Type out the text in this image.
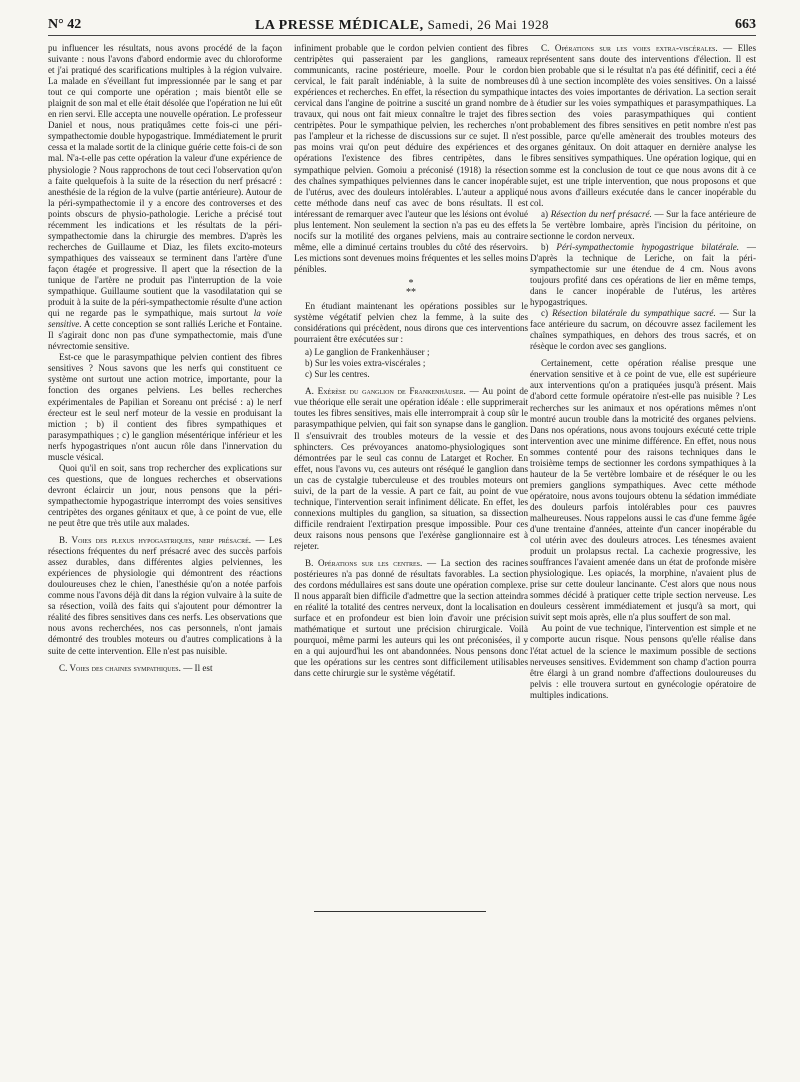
N° 42	LA PRESSE MÉDICALE, Samedi, 26 Mai 1928	663

pu influencer les résultats, nous avons procédé de la façon suivante : nous l'avons d'abord endormie avec du chloroforme et j'ai pratiqué des scarifications multiples à la région vulvaire. La malade en s'éveillant fut impressionnée par le sang et par tout ce qui comporte une opération ; mais bientôt elle se plaignit de son mal et elle était désolée que l'opération ne lui eût en rien servi. Elle accepta une nouvelle opération. Le professeur Daniel et nous, nous pratiquâmes cette fois-ci une péri-sympathectomie double hypogastrique. Immédiatement le prurit cessa et la malade sortit de la clinique guérie cette fois-ci de son mal. N'a-t-elle pas cette opération la valeur d'une expérience de physiologie ? Nous rapprochons de tout ceci l'observation qu'on a faite quelquefois à la suite de la résection du nerf présacré : anesthésie de la région de la vulve (partie antérieure). Autour de la péri-sympathectomie il y a encore des controverses et des points obscurs de physio-pathologie. Leriche a précisé tout récemment les indications et les résultats de la péri-sympathectomie dans la chirurgie des membres. D'après les recherches de Guillaume et Diaz, les filets excito-moteurs sympathiques des vaisseaux se terminent dans l'artère d'une façon étagée et progressive. Il apert que la résection de la tunique de l'artère ne produit pas l'interruption de la voie sympathique. Guillaume soutient que la vasodilatation qui se produit à la suite de la péri-sympathectomie résulte d'une action qui ne regarde pas le sympathique, mais surtout la voie sensitive. A cette conception se sont ralliés Leriche et Fontaine. Il s'agirait donc non pas d'une sympathectomie, mais d'une névrectomie sensitive.

Est-ce que le parasympathique pelvien contient des fibres sensitives ? Nous savons que les nerfs qui constituent ce système ont surtout une action motrice, importante, pour la fonction des organes pelviens. Les belles recherches expérimentales de Papilian et Soreanu ont précisé : a) le nerf érecteur est le seul nerf moteur de la vessie en produisant la miction ; b) il contient des fibres sympathiques et parasympathiques ; c) le ganglion mésentérique inférieur et les nerfs hypogastriques n'ont aucun rôle dans l'innervation du muscle vésical.

Quoi qu'il en soit, sans trop rechercher des explications sur ces questions, que de longues recherches et observations devront éclaircir un jour, nous pensons que la péri-sympathectomie hypogastrique interrompt des voies sensitives centripètes des organes génitaux et que, à ce point de vue, elle ne peut être que très utile aux malades.

B. Voies des plexus hypogastriques, nerf présacré. — Les résections fréquentes du nerf présacré avec des succès parfois assez durables, dans différentes algies pelviennes, les expériences de physiologie qui démontrent des réactions douloureuses chez le chien, l'anesthésie qu'on a notée parfois comme nous l'avons déjà dit dans la région vulvaire à la suite de sa résection, voilà des faits qui s'ajoutent pour démontrer la réalité des fibres sensitives dans ces nerfs. Les observations que nous avons recherchées, nos cas personnels, n'ont jamais démontré des troubles moteurs ou d'autres complications à la suite de cette intervention. Elle n'est pas nuisible.

C. Voies des chaines sympathiques. — Il est

infiniment probable que le cordon pelvien contient des fibres centripètes qui passeraient par les ganglions, rameaux communicants, racine postérieure, moelle. Pour le cordon cervical, le fait paraît indéniable, à la suite de nombreuses expériences et recherches. En effet, la résection du sympathique cervical dans l'angine de poitrine a suscité un grand nombre de travaux, qui nous ont fait mieux connaître le trajet des fibres centripètes. Pour le sympathique pelvien, les recherches n'ont pas l'ampleur et la richesse de discussions sur ce sujet. Il n'est pas moins vrai qu'on peut déduire des expériences et des opérations l'existence des fibres centripètes, dans le sympathique pelvien. Gomoiu a préconisé (1918) la résection des chaînes sympathiques pelviennes dans le cancer inopérable de l'utérus, avec des douleurs intolérables. L'auteur a appliqué cette méthode dans neuf cas avec de bons résultats. Il est intéressant de remarquer avec l'auteur que les lésions ont évolué plus lentement. Non seulement la section n'a pas eu des effets nocifs sur la motilité des organes pelviens, mais au contraire même, elle a diminué certains troubles du côté des réservoirs. Les mictions sont devenues moins fréquentes et les selles moins pénibles.

*
**

En étudiant maintenant les opérations possibles sur le système végétatif pelvien chez la femme, à la suite des considérations qui précèdent, nous dirons que ces interventions pourraient être exécutées sur :

a) Le ganglion de Frankenhäuser ;
b) Sur les voies extra-viscérales ;
c) Sur les centres.

A. Exérèse du ganglion de Frankenhäuser. — Au point de vue théorique elle serait une opération idéale : elle supprimerait toutes les fibres sensitives, mais elle interromprait à coup sûr le parasympathique pelvien, qui fait son synapse dans le ganglion. Il s'ensuivrait des troubles moteurs de la vessie et des sphincters. Ces prévoyances anatomo-physiologiques sont démontrées par le seul cas connu de Latarget et Rocher. En effet, nous l'avons vu, ces auteurs ont réséqué le ganglion dans un cas de cystalgie tuberculeuse et des troubles moteurs ont suivi, de la part de la vessie. A part ce fait, au point de vue technique, l'intervention serait infiniment délicate. En effet, les connexions multiples du ganglion, sa situation, sa dissection difficile rendraient l'extirpation presque impossible. Pour ces deux raisons nous pensons que l'exérèse ganglionnaire est à rejeter.

B. Opérations sur les centres. — La section des racines postérieures n'a pas donné de résultats favorables. La section des cordons médullaires est sans doute une opération complexe. Il nous apparaît bien difficile d'admettre que la section atteindra en réalité la totalité des centres nerveux, dont la localisation en surface et en profondeur est bien loin d'avoir une précision mathématique et surtout une précision chirurgicale. Voilà pourquoi, même parmi les auteurs qui les ont préconisées, il y en a qui aujourd'hui les ont abandonnées. Nous pensons donc que les opérations sur les centres sont difficilement utilisables dans cette chirurgie sur le système végétatif.

C. Opérations sur les voies extra-viscérales. — Elles représentent sans doute des interventions d'élection. Il est bien probable que si le résultat n'a pas été définitif, ceci a été dû à une section incomplète des voies sensitives. On a laissé intactes des voies importantes de dérivation. La section serait à étudier sur les voies sympathiques et parasympathiques. La section des voies parasympathiques qui contient probablement des fibres sensitives en petit nombre n'est pas possible, parce qu'elle amènerait des troubles moteurs des organes génitaux. On doit attaquer en dernière analyse les fibres sensitives sympathiques. Une opération logique, qui en somme est la conclusion de tout ce que nous avons dit à ce sujet, est une triple intervention, que nous proposons et que nous avons d'ailleurs exécutée dans le cancer inopérable du col.

a) Résection du nerf présacré. — Sur la face antérieure de la 5e vertèbre lombaire, après l'incision du péritoine, on sectionne le cordon nerveux.

b) Péri-sympathectomie hypogastrique bilatérale. — D'après la technique de Leriche, on fait la péri-sympathectomie sur une étendue de 4 cm. Nous avons toujours profité dans ces opérations de lier en même temps, dans le cancer inopérable de l'utérus, les artères hypogastriques.

c) Résection bilatérale du sympathique sacré. — Sur la face antérieure du sacrum, on découvre assez facilement les chaînes sympathiques, en dehors des trous sacrés, et on résèque le cordon avec ses ganglions.

Certainement, cette opération réalise presque une énervation sensitive et à ce point de vue, elle est supérieure aux interventions qu'on a pratiquées jusqu'à présent. Mais d'abord cette formule opératoire n'est-elle pas nuisible ? Les recherches sur les animaux et nos opérations mêmes n'ont montré aucun trouble dans la motricité des organes pelviens. Dans nos opérations, nous avons toujours exécuté cette triple intervention avec une minime différence. En effet, nous nous sommes contenté pour des raisons techniques dans le troisième temps de sectionner les cordons sympathiques à la hauteur de la 5e vertèbre lombaire et de réséquer le ou les premiers ganglions sympathiques. Avec cette méthode opératoire, nous avons toujours obtenu la sédation immédiate des douleurs parfois intolérables pour ces pauvres malheureuses. Nous rappelons aussi le cas d'une femme âgée d'une trentaine d'années, atteinte d'un cancer inopérable du col utérin avec des douleurs atroces. Les ténesmes avaient produit un prolapsus rectal. La cachexie progressive, les souffrances l'avaient amenée dans un état de profonde misère physiologique. Les opiacés, la morphine, n'avaient plus de prise sur cette douleur lancinante. C'est alors que nous nous sommes décidé à pratiquer cette triple section nerveuse. Les douleurs cessèrent immédiatement et jusqu'à sa mort, qui suivit sept mois après, elle n'a plus souffert de son mal.

Au point de vue technique, l'intervention est simple et ne comporte aucun risque. Nous pensons qu'elle réalise dans l'état actuel de la science le maximum possible de sections nerveuses sensitives. Evidemment son champ d'action pourra être élargi à un grand nombre d'affections douloureuses du pelvis : elle trouvera surtout en gynécologie opératoire de multiples indications.
